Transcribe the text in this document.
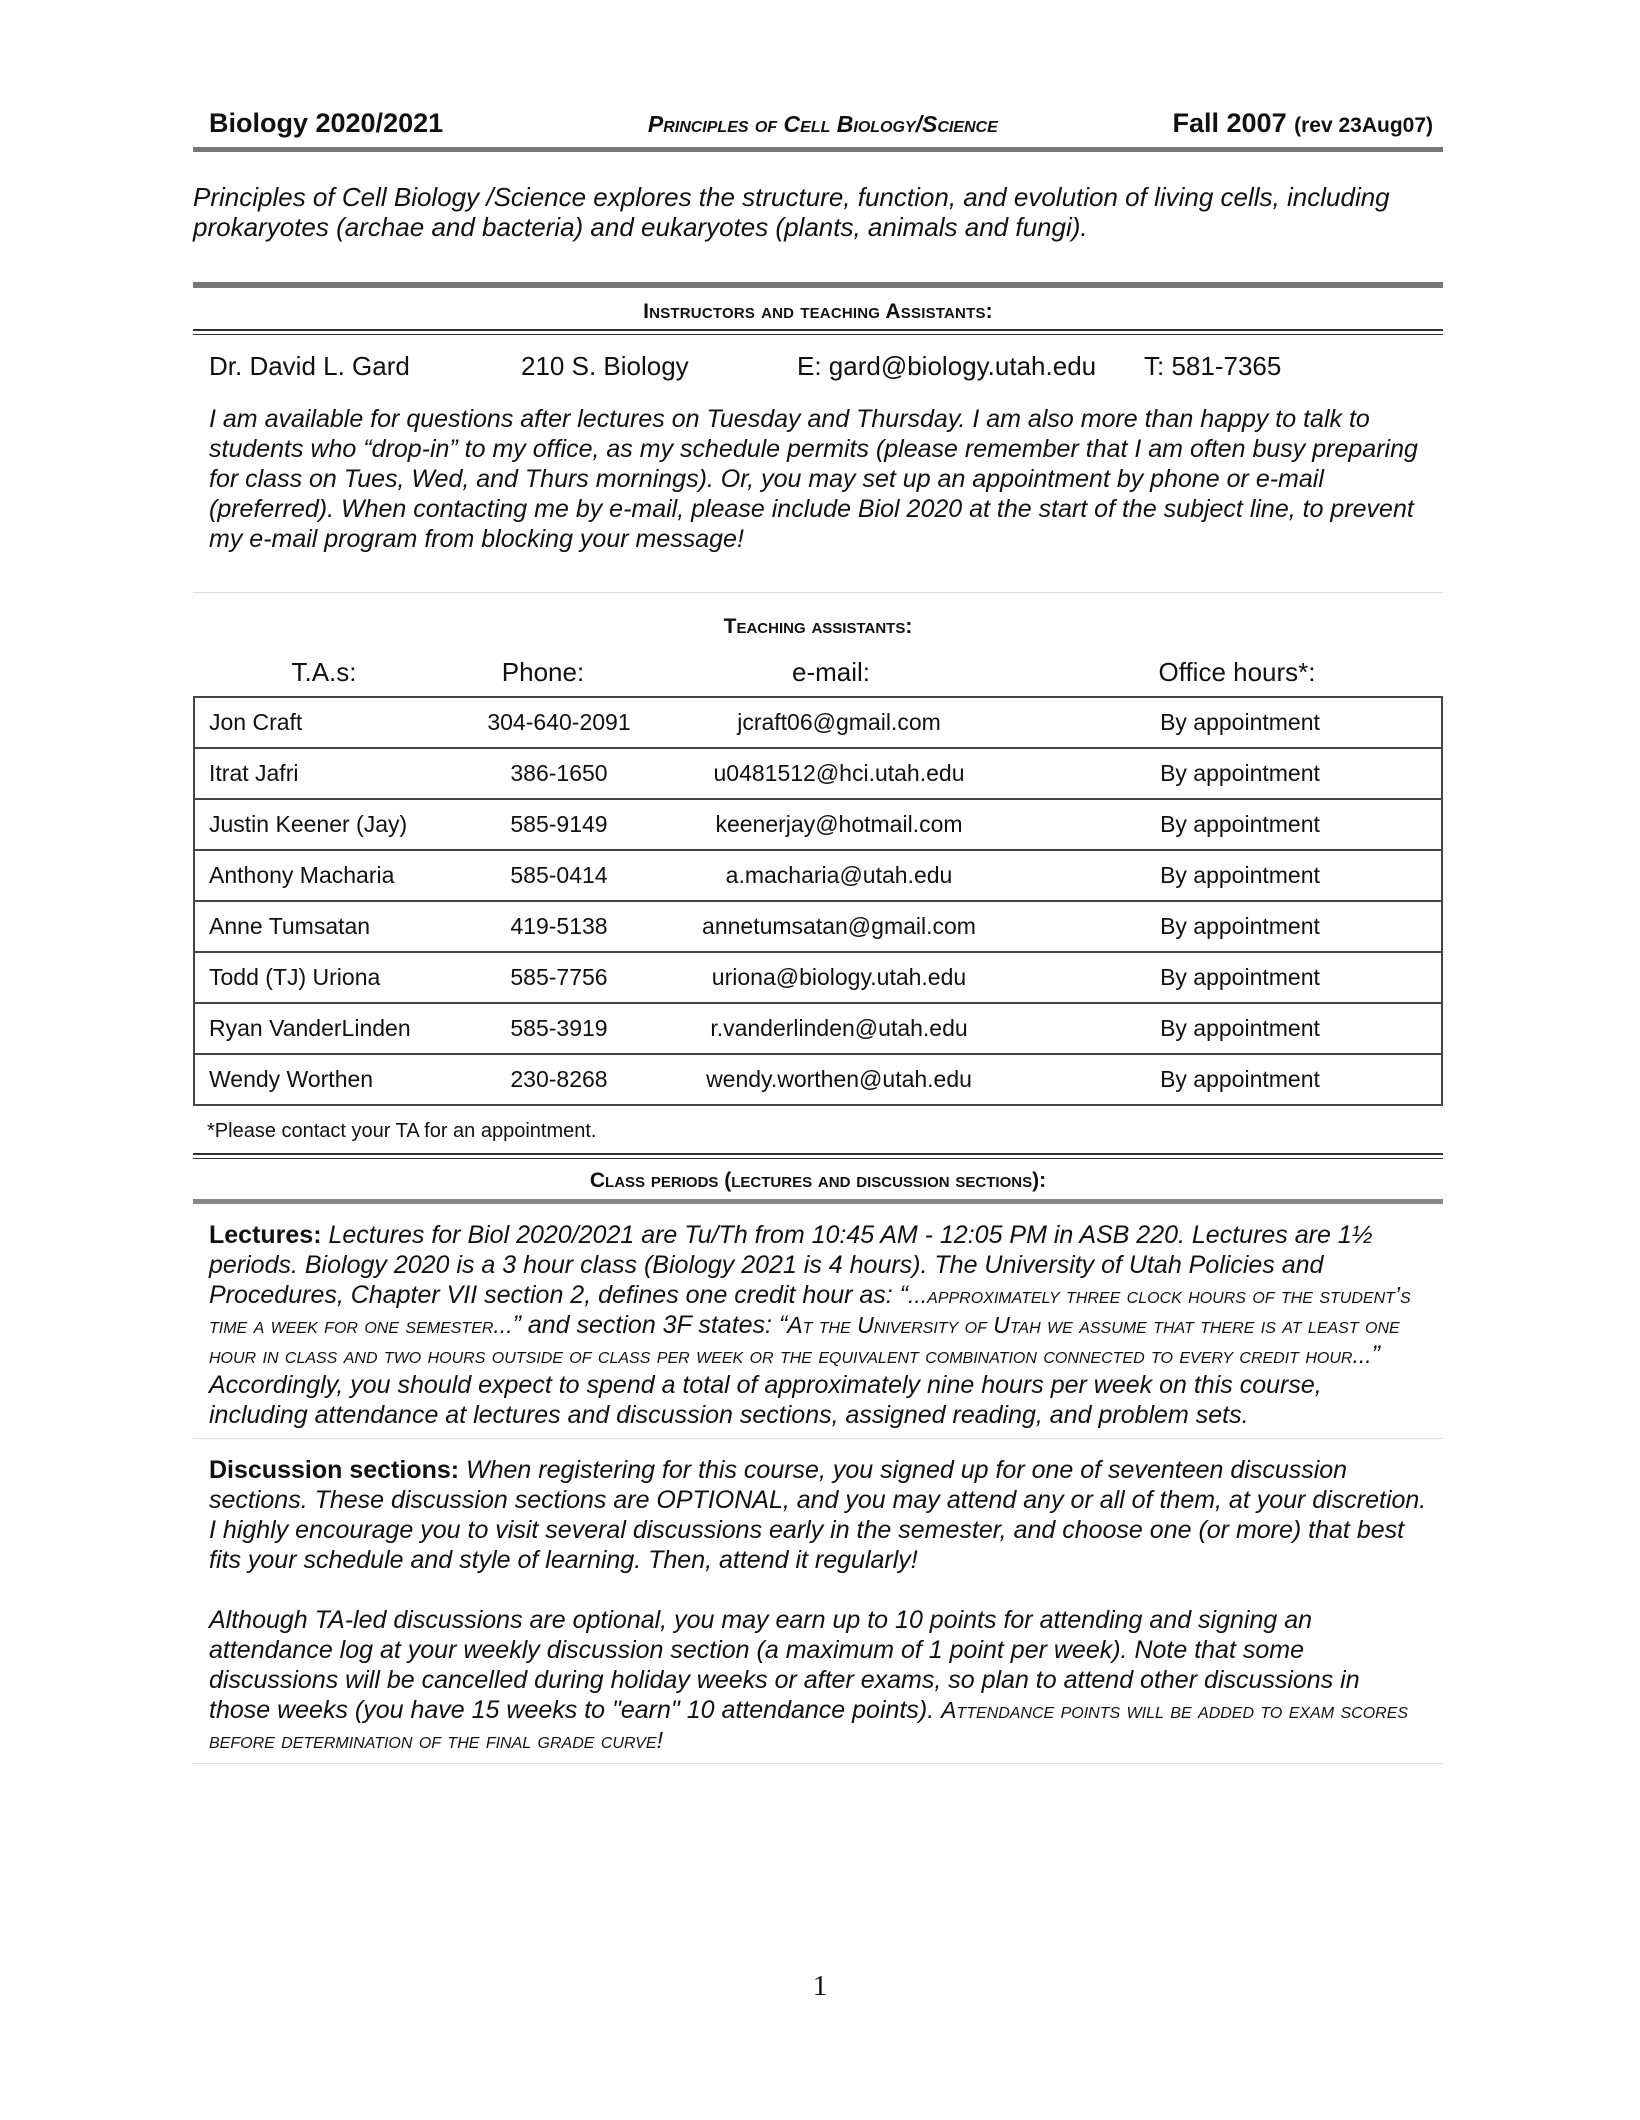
Biology 2020/2021	Principles of Cell Biology/Science	Fall 2007 (rev 23Aug07)
Principles of Cell Biology /Science explores the structure, function, and evolution of living cells, including prokaryotes (archae and bacteria) and eukaryotes (plants, animals and fungi).
Instructors and teaching Assistants:
Dr. David L. Gard	210 S. Biology	E: gard@biology.utah.edu	T: 581-7365
I am available for questions after lectures on Tuesday and Thursday. I am also more than happy to talk to students who “drop-in” to my office, as my schedule permits (please remember that I am often busy preparing for class on Tues, Wed, and Thurs mornings). Or, you may set up an appointment by phone or e-mail (preferred). When contacting me by e-mail, please include Biol 2020 at the start of the subject line, to prevent my e-mail program from blocking your message!
Teaching assistants:
T.A.s:	Phone:	e-mail:	Office hours*:
Jon Craft	304-640-2091	jcraft06@gmail.com	By appointment
Itrat Jafri	386-1650	u0481512@hci.utah.edu	By appointment
Justin Keener (Jay)	585-9149	keenerjay@hotmail.com	By appointment
Anthony Macharia	585-0414	a.macharia@utah.edu	By appointment
Anne Tumsatan	419-5138	annetumsatan@gmail.com	By appointment
Todd (TJ) Uriona	585-7756	uriona@biology.utah.edu	By appointment
Ryan VanderLinden	585-3919	r.vanderlinden@utah.edu	By appointment
Wendy Worthen	230-8268	wendy.worthen@utah.edu	By appointment
*Please contact your TA for an appointment.
Class periods (lectures and discussion sections):
Lectures: Lectures for Biol 2020/2021 are Tu/Th from 10:45 AM - 12:05 PM in ASB 220. Lectures are 1½ periods. Biology 2020 is a 3 hour class (Biology 2021 is 4 hours). The University of Utah Policies and Procedures, Chapter VII section 2, defines one credit hour as: “...approximately three clock hours of the student’s time a week for one semester...” and section 3F states: “At the University of Utah we assume that there is at least one hour in class and two hours outside of class per week or the equivalent combination connected to every credit hour...” Accordingly, you should expect to spend a total of approximately nine hours per week on this course, including attendance at lectures and discussion sections, assigned reading, and problem sets.
Discussion sections: When registering for this course, you signed up for one of seventeen discussion sections. These discussion sections are OPTIONAL, and you may attend any or all of them, at your discretion. I highly encourage you to visit several discussions early in the semester, and choose one (or more) that best fits your schedule and style of learning. Then, attend it regularly!
Although TA-led discussions are optional, you may earn up to 10 points for attending and signing an attendance log at your weekly discussion section (a maximum of 1 point per week). Note that some discussions will be cancelled during holiday weeks or after exams, so plan to attend other discussions in those weeks (you have 15 weeks to "earn" 10 attendance points). Attendance points will be added to exam scores before determination of the final grade curve!
1
